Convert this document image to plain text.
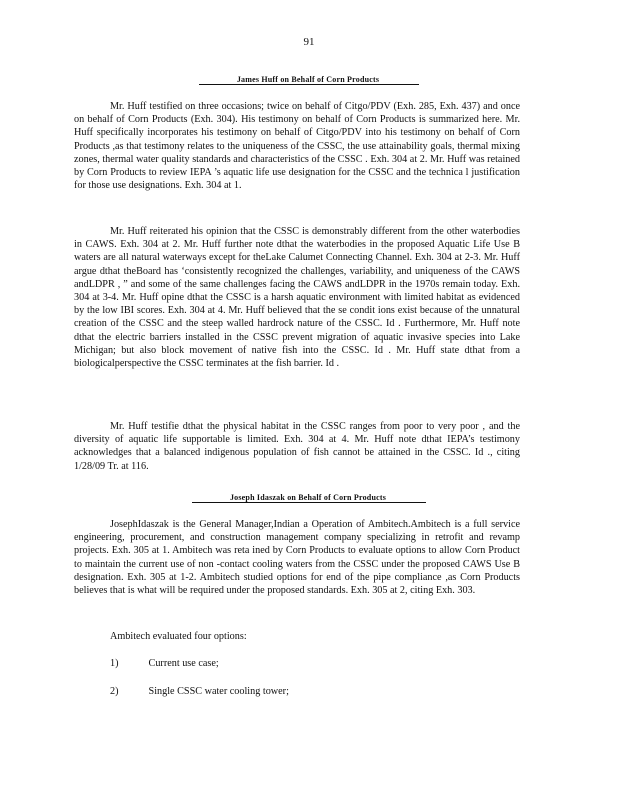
91
James Huff on Behalf of Corn Products

Mr. Huff testified on three occasions; twice on behalf of Citgo/PDV (Exh. 285, Exh. 437) and once on behalf of Corn Products (Exh. 304). His testimony on behalf of Corn Products is summarized here. Mr. Huff specifically incorporates his testimony on behalf of Citgo/PDV into his testimony on behalf of Corn Products ,as that testimony relates to the uniqueness of the CSSC, the use attainability goals, thermal mixing zones, thermal water quality standards and characteristics of the CSSC . Exh. 304 at 2. Mr. Huff was retained by Corn Products to review IEPA ’s aquatic life use designation for the CSSC and the technica l justification for those use designations. Exh. 304 at 1.

Mr. Huff reiterated his opinion that the CSSC is demonstrably different from the other waterbodies in CAWS. Exh. 304 at 2. Mr. Huff further note dthat the waterbodies in the proposed Aquatic Life Use B waters are all natural waterways except for theLake Calumet Connecting Channel. Exh. 304 at 2-3. Mr. Huff argue dthat theBoard has ‘consistently recognized the challenges, variability, and uniqueness of the CAWS andLDPR , ” and some of the same challenges facing the CAWS andLDPR in the 1970s remain today. Exh. 304 at 3-4. Mr. Huff opine dthat the CSSC is a harsh aquatic environment with limited habitat as evidenced by the low IBI scores. Exh. 304 at 4. Mr. Huff believed that the se condit ions exist because of the unnatural creation of the CSSC and the steep walled hardrock nature of the CSSC. Id . Furthermore, Mr. Huff note dthat the electric barriers installed in the CSSC prevent migration of aquatic invasive species into Lake Michigan; but also block movement of native fish into the CSSC. Id . Mr. Huff state dthat from a biologicalperspective the CSSC terminates at the fish barrier. Id .

Mr. Huff testifie dthat the physical habitat in the CSSC ranges from poor to very poor , and the diversity of aquatic life supportable is limited. Exh. 304 at 4. Mr. Huff note dthat IEPA’s testimony acknowledges that a balanced indigenous population of fish cannot be attained in the CSSC. Id ., citing 1/28/09 Tr. at 116.

Joseph Idaszak on Behalf of Corn Products

JosephIdaszak is the General Manager,Indian a Operation of Ambitech.Ambitech is a full service engineering, procurement, and construction management company specializing in retrofit and revamp projects. Exh. 305 at 1. Ambitech was reta ined by Corn Products to evaluate options to allow Corn Product to maintain the current use of non -contact cooling waters from the CSSC under the proposed CAWS Use B designation. Exh. 305 at 1-2. Ambitech studied options for end of the pipe compliance ,as Corn Products believes that is what will be required under the proposed standards. Exh. 305 at 2, citing Exh. 303.

Ambitech evaluated four options:

1)	Current use case;
2)	Single CSSC water cooling tower;
